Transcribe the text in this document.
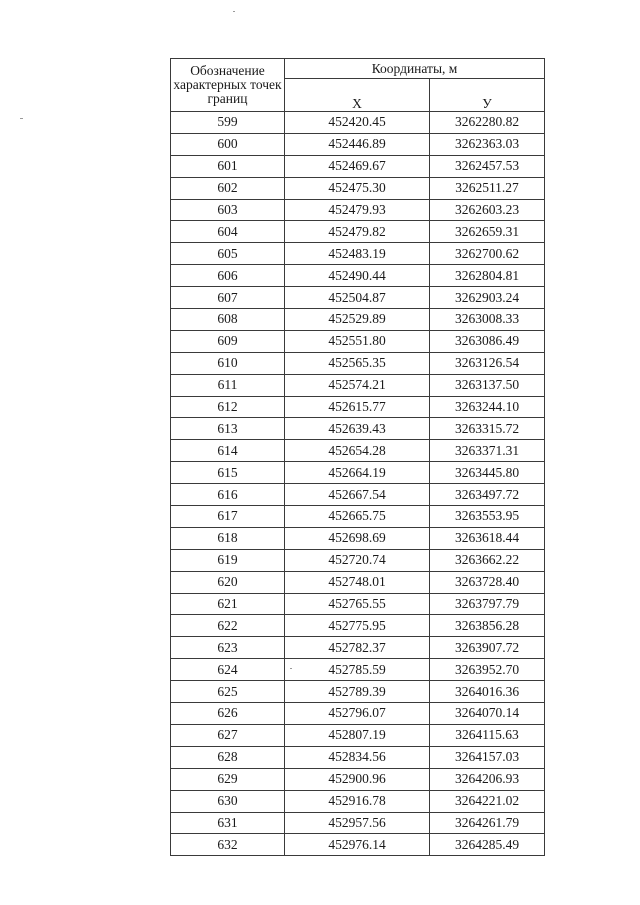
Обозначение характерных точек границ	Координаты, м	
	X	У
599	452420.45	3262280.82
600	452446.89	3262363.03
601	452469.67	3262457.53
602	452475.30	3262511.27
603	452479.93	3262603.23
604	452479.82	3262659.31
605	452483.19	3262700.62
606	452490.44	3262804.81
607	452504.87	3262903.24
608	452529.89	3263008.33
609	452551.80	3263086.49
610	452565.35	3263126.54
611	452574.21	3263137.50
612	452615.77	3263244.10
613	452639.43	3263315.72
614	452654.28	3263371.31
615	452664.19	3263445.80
616	452667.54	3263497.72
617	452665.75	3263553.95
618	452698.69	3263618.44
619	452720.74	3263662.22
620	452748.01	3263728.40
621	452765.55	3263797.79
622	452775.95	3263856.28
623	452782.37	3263907.72
624	452785.59	3263952.70
625	452789.39	3264016.36
626	452796.07	3264070.14
627	452807.19	3264115.63
628	452834.56	3264157.03
629	452900.96	3264206.93
630	452916.78	3264221.02
631	452957.56	3264261.79
632	452976.14	3264285.49
